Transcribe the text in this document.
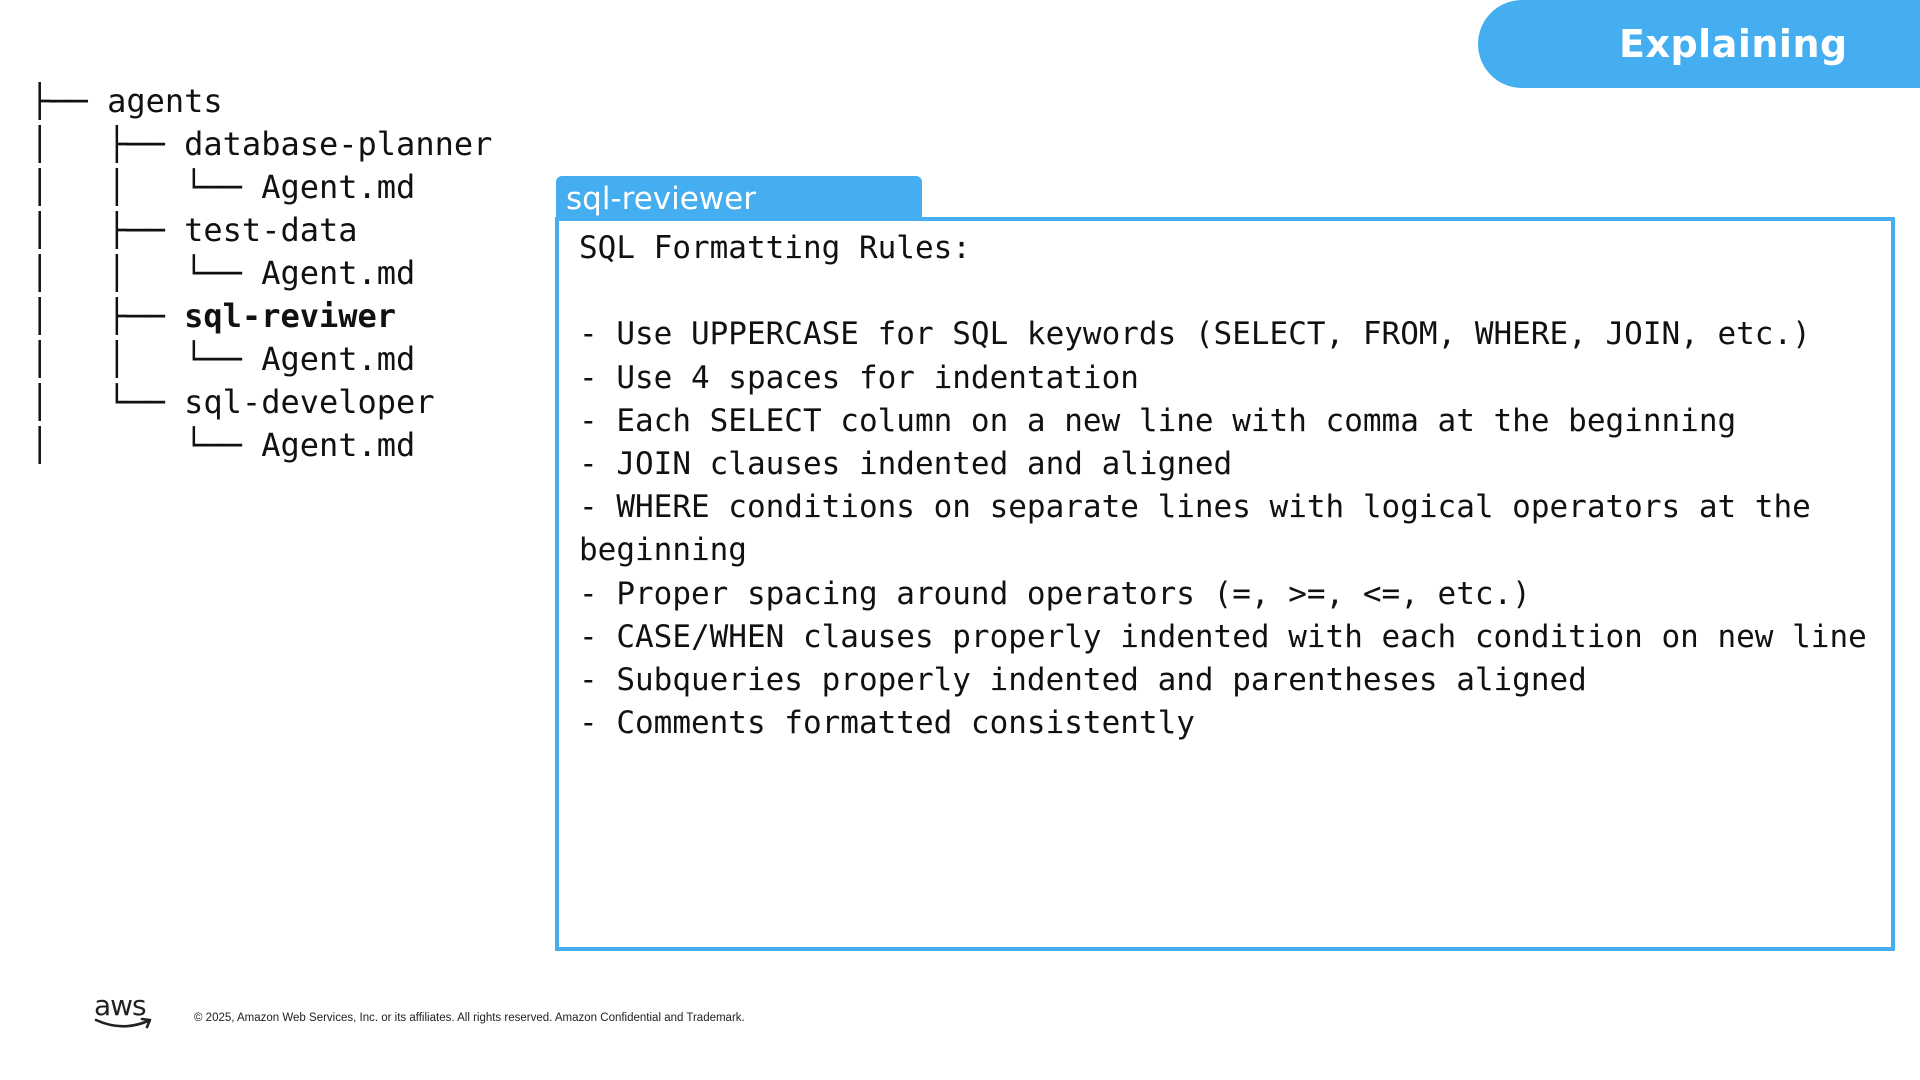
Explaining
├── agents
│   ├── database-planner
│   │   └── Agent.md
│   ├── test-data
│   │   └── Agent.md
│   ├── sql-reviwer
│   │   └── Agent.md
│   └── sql-developer
│       └── Agent.md
sql-reviewer
SQL Formatting Rules:

- Use UPPERCASE for SQL keywords (SELECT, FROM, WHERE, JOIN, etc.)
- Use 4 spaces for indentation
- Each SELECT column on a new line with comma at the beginning
- JOIN clauses indented and aligned
- WHERE conditions on separate lines with logical operators at the beginning
- Proper spacing around operators (=, >=, <=, etc.)
- CASE/WHEN clauses properly indented with each condition on new line
- Subqueries properly indented and parentheses aligned
- Comments formatted consistently
aws	© 2025, Amazon Web Services, Inc. or its affiliates. All rights reserved. Amazon Confidential and Trademark.
